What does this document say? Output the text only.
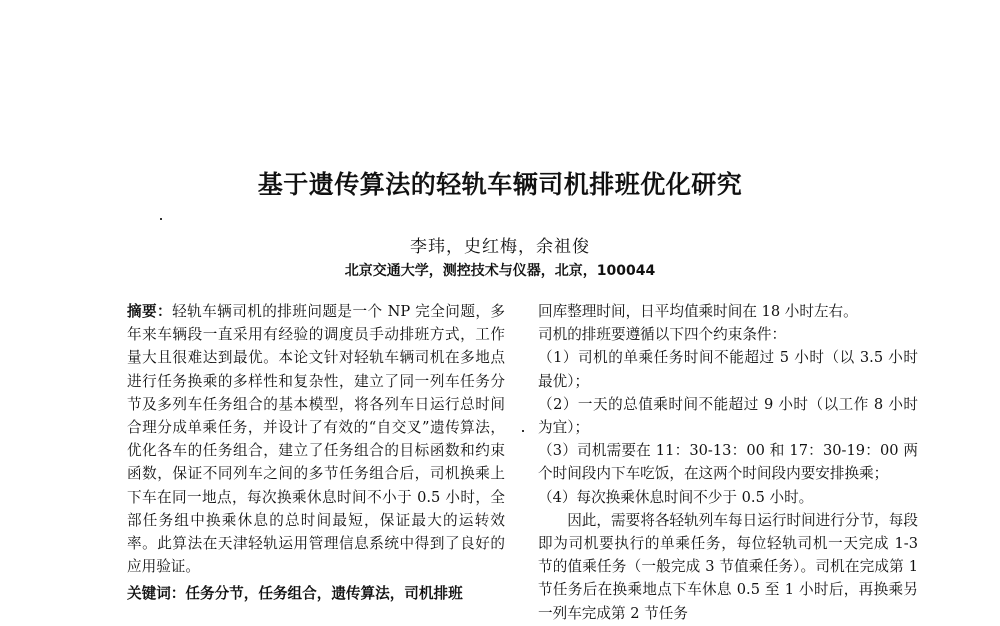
基于遗传算法的轻轨车辆司机排班优化研究
李玮，史红梅，余祖俊
北京交通大学，测控技术与仪器，北京，100044

摘要：轻轨车辆司机的排班问题是一个 NP 完全问题，多年来车辆段一直采用有经验的调度员手动排班方式，工作量大且很难达到最优。本论文针对轻轨车辆司机在多地点进行任务换乘的多样性和复杂性，建立了同一列车任务分节及多列车任务组合的基本模型，将各列车日运行总时间合理分成单乘任务，并设计了有效的“自交叉”遗传算法，优化各车的任务组合，建立了任务组合的目标函数和约束函数，保证不同列车之间的多节任务组合后，司机换乘上下车在同一地点，每次换乘休息时间不小于 0.5 小时，全部任务组中换乘休息的总时间最短，保证最大的运转效率。此算法在天津轻轨运用管理信息系统中得到了良好的应用验证。

关键词：任务分节，任务组合，遗传算法，司机排班

回库整理时间，日平均值乘时间在 18 小时左右。

司机的排班要遵循以下四个约束条件：

（1）司机的单乘任务时间不能超过 5 小时（以 3.5 小时最优）；

（2）一天的总值乘时间不能超过 9 小时（以工作 8 小时为宜）；

（3）司机需要在 11：30-13：00 和 17：30-19：00 两个时间段内下车吃饭，在这两个时间段内要安排换乘；

（4）每次换乘休息时间不少于 0.5 小时。

因此，需要将各轻轨列车每日运行时间进行分节，每段即为司机要执行的单乘任务，每位轻轨司机一天完成 1-3 节的值乘任务（一般完成 3 节值乘任务）。司机在完成第 1 节任务后在换乘地点下车休息 0.5 至 1 小时后，再换乘另一列车完成第 2 节任务
